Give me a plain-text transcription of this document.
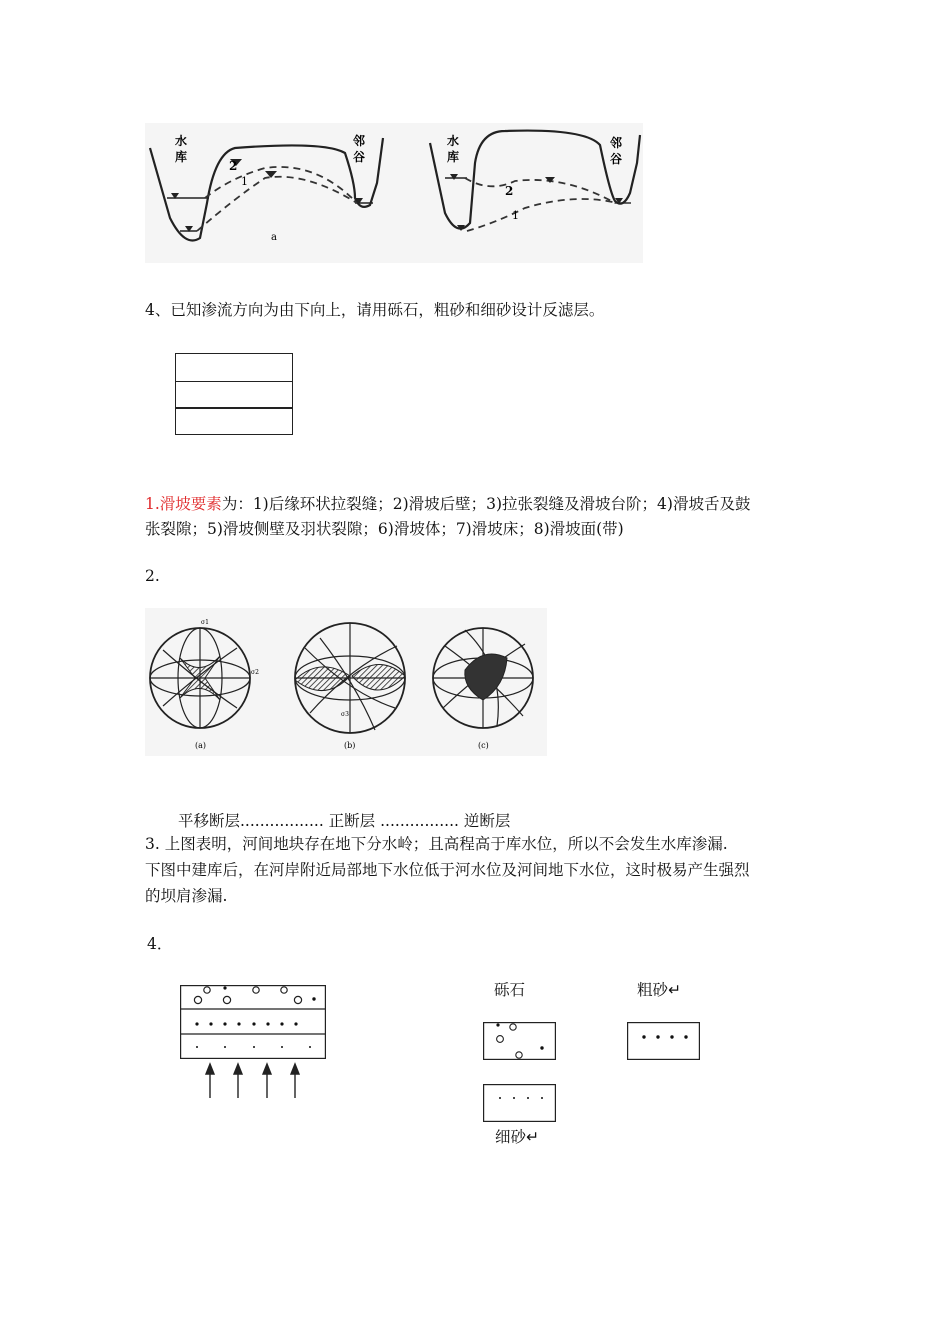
水
库
邻
谷
水
库
邻
谷
2
1
2
1
a
4、已知渗流方向为由下向上，请用砾石，粗砂和细砂设计反滤层。
1.滑坡要素为：1)后缘环状拉裂缝；2)滑坡后壁；3)拉张裂缝及滑坡台阶；4)滑坡舌及鼓
张裂隙；5)滑坡侧壁及羽状裂隙；6)滑坡体；7)滑坡床；8)滑坡面(带)
2.
(a)	(b)	(c)
σ1
σ2
σ3
平移断层................. 正断层 ................ 逆断层
3. 上图表明，河间地块存在地下分水岭；且高程高于库水位，所以不会发生水库渗漏.
下图中建库后，在河岸附近局部地下水位低于河水位及河间地下水位，这时极易产生强烈
的坝肩渗漏.
4．
砾石	粗砂↵
细砂↵
